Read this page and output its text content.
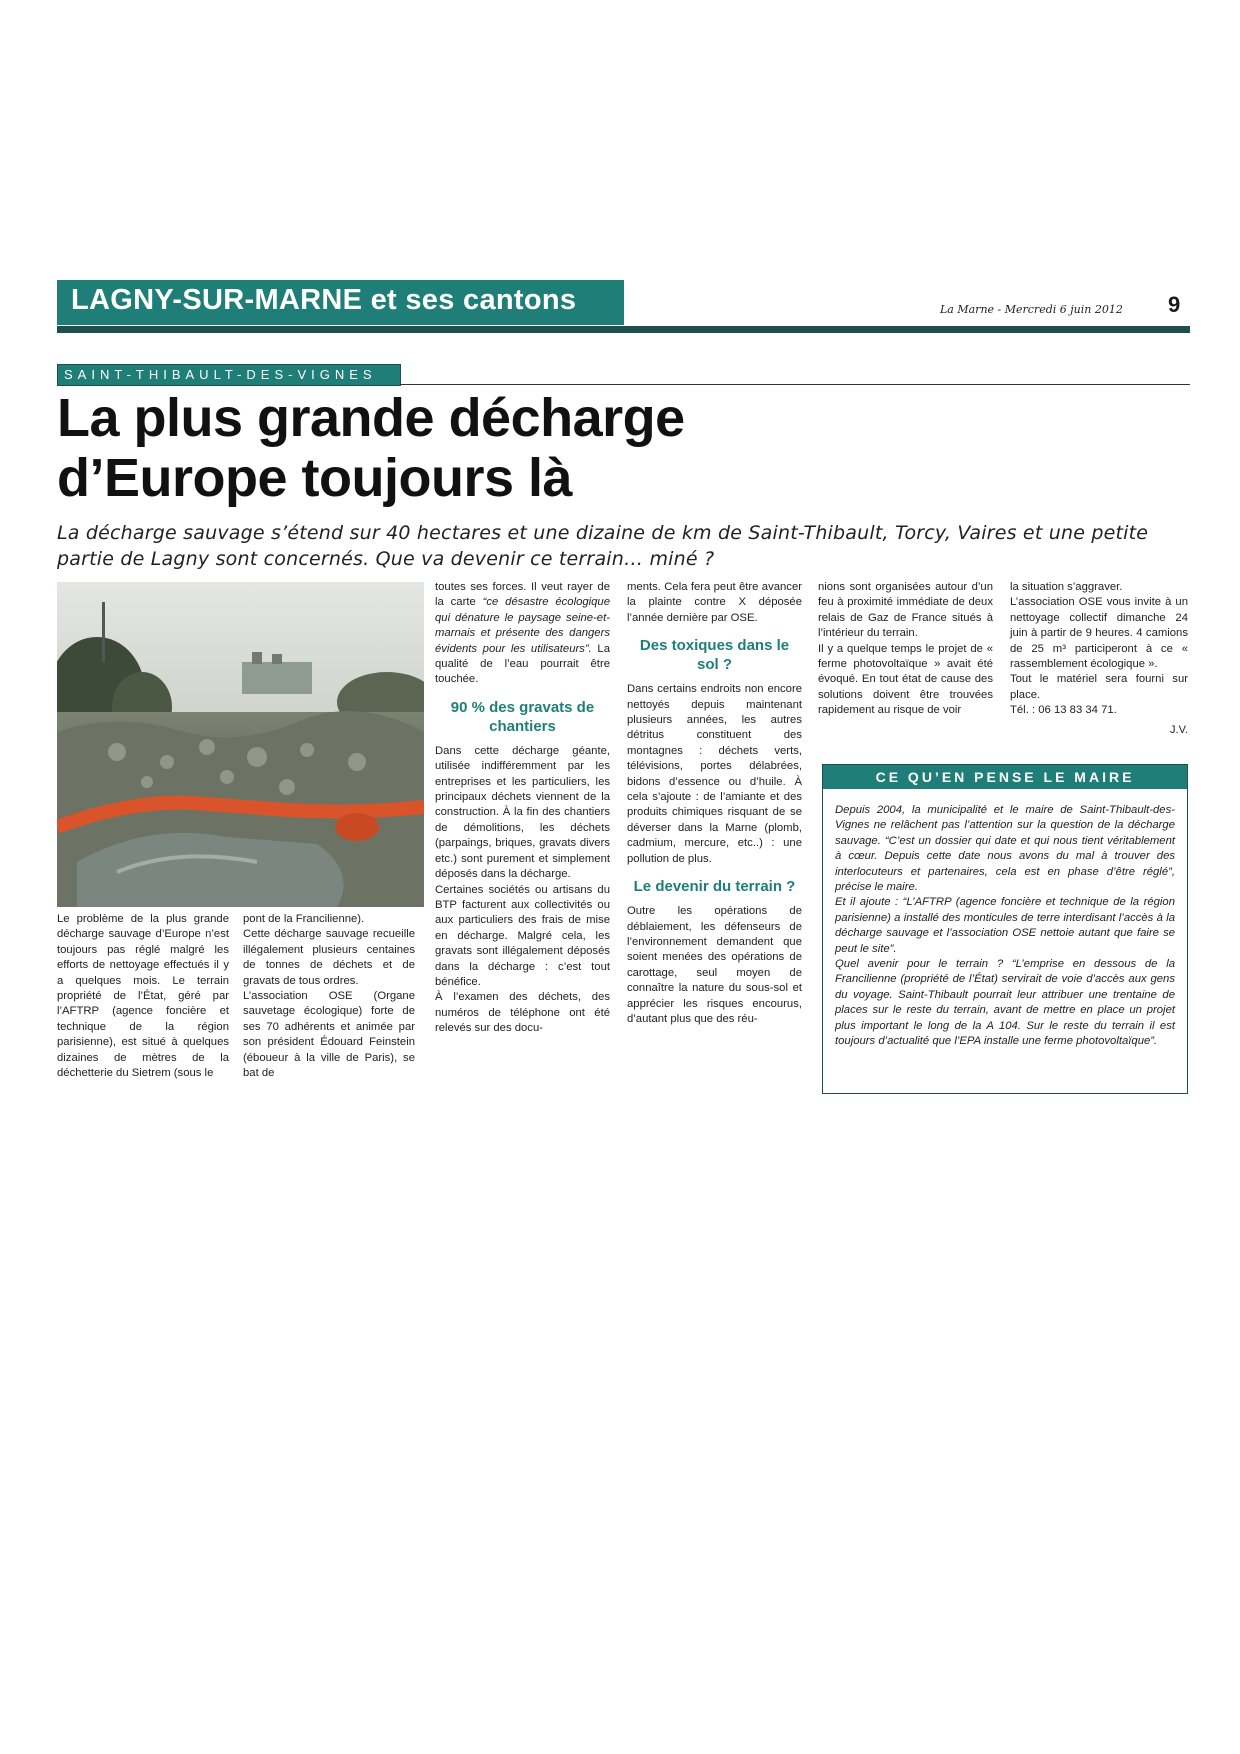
LAGNY-SUR-MARNE et ses cantons	La Marne - Mercredi 6 juin 2012 9
SAINT-THIBAULT-DES-VIGNES
La plus grande décharge
d’Europe toujours là
La décharge sauvage s’étend sur 40 hectares et une dizaine de km de Saint-Thibault, Torcy, Vaires et une petite partie de Lagny sont concernés. Que va devenir ce terrain… miné ?

Le problème de la plus grande décharge sauvage d’Europe n’est toujours pas réglé malgré les efforts de nettoyage effectués il y a quelques mois. Le terrain propriété de l’État, géré par l’AFTRP (agence foncière et technique de la région parisienne), est situé à quelques dizaines de mètres de la déchetterie du Sietrem (sous le

pont de la Francilienne).

Cette décharge sauvage recueille illégalement plusieurs centaines de tonnes de déchets et de gravats de tous ordres.

L’association OSE (Organe sauvetage écologique) forte de ses 70 adhérents et animée par son président Édouard Feinstein (éboueur à la ville de Paris), se bat de

toutes ses forces. Il veut rayer de la carte “ce désastre écologique qui dénature le paysage seine-et-marnais et présente des dangers évidents pour les utilisateurs”. La qualité de l’eau pourrait être touchée.

90 % des gravats de chantiers

Dans cette décharge géante, utilisée indifféremment par les entreprises et les particuliers, les principaux déchets viennent de la construction. À la fin des chantiers de démolitions, les déchets (parpaings, briques, gravats divers etc.) sont purement et simplement déposés dans la décharge.

Certaines sociétés ou artisans du BTP facturent aux collectivités ou aux particuliers des frais de mise en décharge. Malgré cela, les gravats sont illégalement déposés dans la décharge : c’est tout bénéfice.

À l’examen des déchets, des numéros de téléphone ont été relevés sur des docu-

ments. Cela fera peut être avancer la plainte contre X déposée l’année dernière par OSE.

Des toxiques dans le sol ?

Dans certains endroits non encore nettoyés depuis maintenant plusieurs années, les autres détritus constituent des montagnes : déchets verts, télévisions, portes délabrées, bidons d’essence ou d’huile. À cela s’ajoute : de l’amiante et des produits chimiques risquant de se déverser dans la Marne (plomb, cadmium, mercure, etc..) : une pollution de plus.

Le devenir du terrain ?

Outre les opérations de déblaiement, les défenseurs de l’environnement demandent que soient menées des opérations de carottage, seul moyen de connaître la nature du sous-sol et apprécier les risques encourus, d’autant plus que des réu-

nions sont organisées autour d’un feu à proximité immédiate de deux relais de Gaz de France situés à l’intérieur du terrain.

Il y a quelque temps le projet de « ferme photovoltaïque » avait été évoqué. En tout état de cause des solutions doivent être trouvées rapidement au risque de voir

la situation s’aggraver.

L’association OSE vous invite à un nettoyage collectif dimanche 24 juin à partir de 9 heures. 4 camions de 25 m³ participeront à ce « rassemblement écologique ».

Tout le matériel sera fourni sur place.

Tél. : 06 13 83 34 71.

J.V.
CE QU’EN PENSE LE MAIRE

Depuis 2004, la municipalité et le maire de Saint-Thibault-des-Vignes ne relâchent pas l’attention sur la question de la décharge sauvage. “C’est un dossier qui date et qui nous tient véritablement à cœur. Depuis cette date nous avons du mal à trouver des interlocuteurs et partenaires, cela est en phase d’être réglé”, précise le maire.

Et il ajoute : “L’AFTRP (agence foncière et technique de la région parisienne) a installé des monticules de terre interdisant l’accès à la décharge sauvage et l’association OSE nettoie autant que faire se peut le site”.

Quel avenir pour le terrain ? “L’emprise en dessous de la Francilienne (propriété de l’État) servirait de voie d’accès aux gens du voyage. Saint-Thibault pourrait leur attribuer une trentaine de places sur le reste du terrain, avant de mettre en place un projet plus important le long de la A 104. Sur le reste du terrain il est toujours d’actualité que l’EPA installe une ferme photovoltaïque”.
